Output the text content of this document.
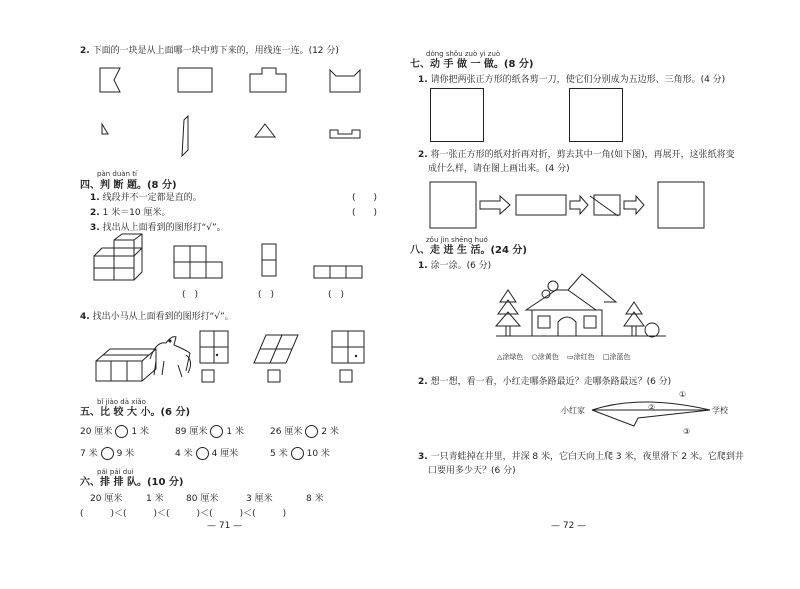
2. 下面的一块是从上面哪一块中剪下来的，用线连一连。(12 分)
pàn duàn tí
四、判 断 题。(8 分)
1. 线段并不一定都是直的。	(　　)
2. 1 米＝10 厘米。	(　　)
3. 找出从上面看到的图形打“√”。
(　)	(　)	(　)
4. 找出小马从上面看到的图形打“√”。
bǐ jiào dà xiǎo
五、比 较 大 小。(6 分)
20 厘米 1 米	89 厘米 1 米	26 厘米 2 米
7 米 9 米	4 米 4 厘米	5 米 10 米
pái pái duì
六、排 排 队。(10 分)
20 厘米	1 米 80 厘米	3 厘米	8 米
(　　　)＜(　　　)＜(　　　)＜(　　　)＜(　　　)
— 71 —
dòng shǒu zuò yi zuò
七、动 手 做 一 做。(8 分)
1. 请你把两张正方形的纸各剪一刀，使它们分别成为五边形、三角形。(4 分)
2. 将一张正方形的纸对折再对折，剪去其中一角(如下图)，再展开，这张纸将变
成什么样，请在图上画出来。(4 分)
zǒu jìn shēng huó
八、走 进 生 活。(24 分)
1. 涂一涂。(6 分)
△涂绿色 ○涂黄色 ▭涂红色 □涂蓝色
2. 想一想，看一看，小红走哪条路最近？走哪条路最远？(6 分)
小红家	学校
①
②
③
3. 一只青蛙掉在井里，井深 8 米，它白天向上爬 3 米，夜里滑下 2 米。它爬到井
口要用多少天？(6 分)
— 72 —
